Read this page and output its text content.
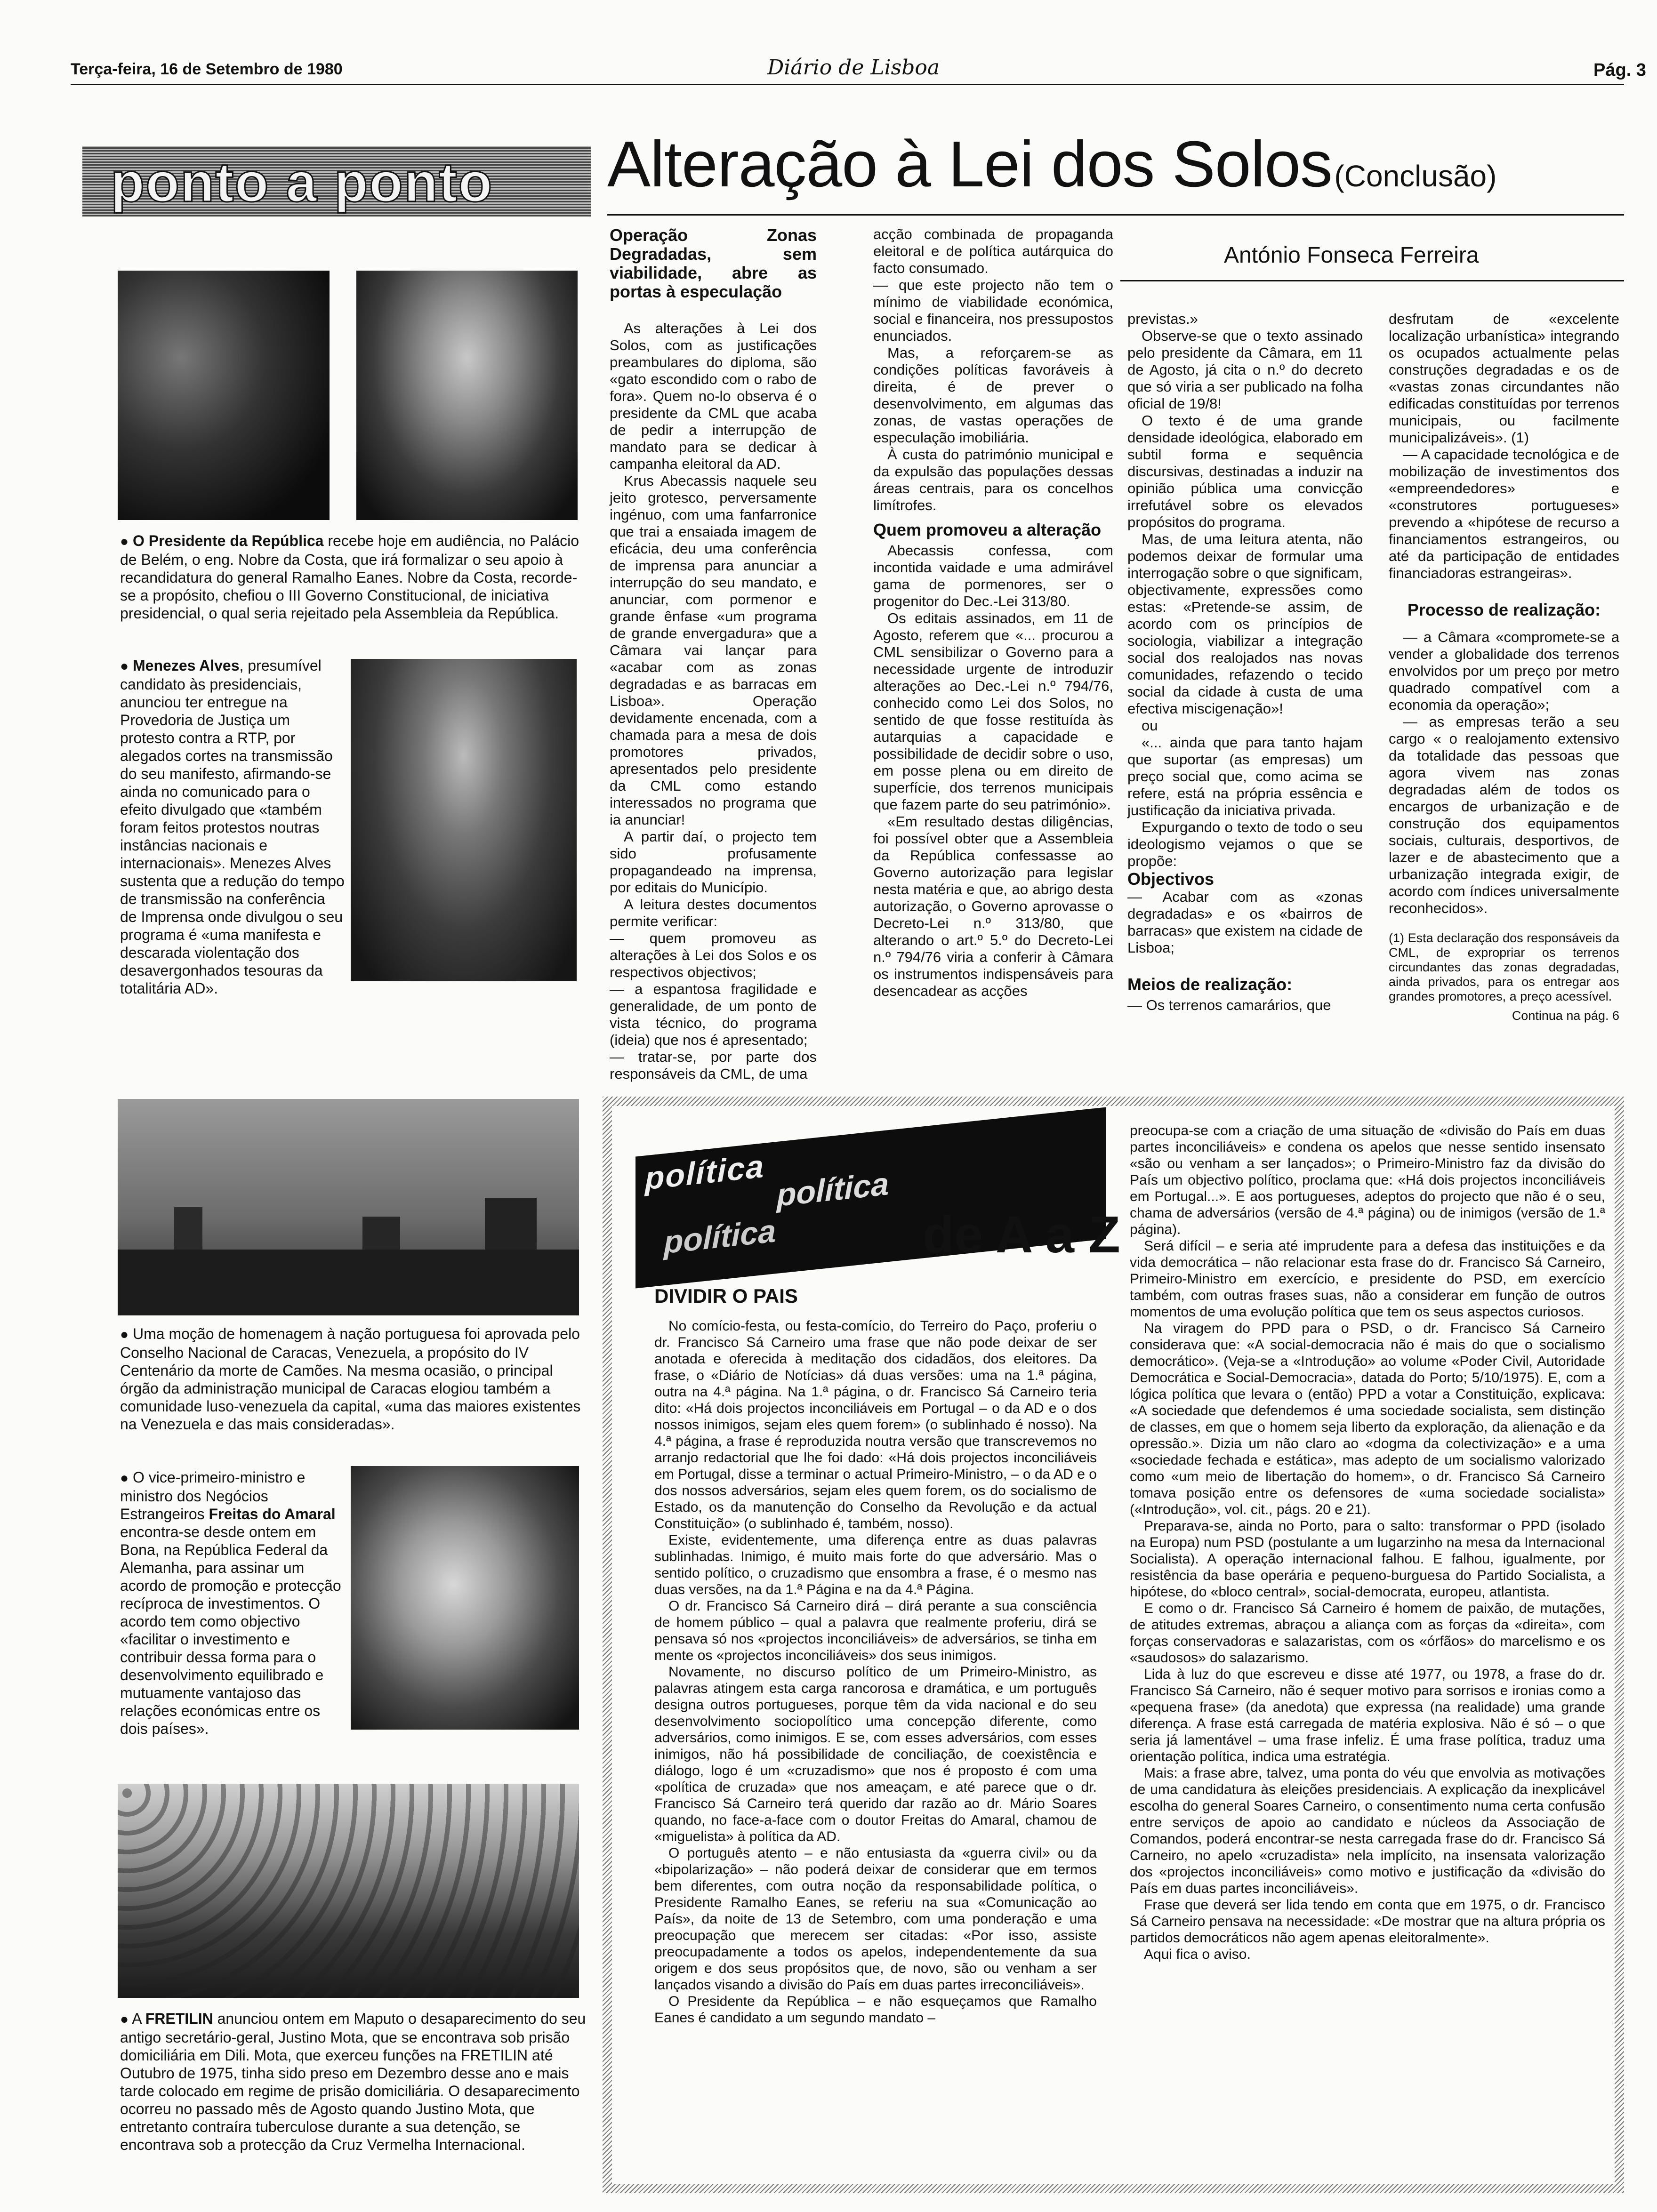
Terça-feira, 16 de Setembro de 1980	Diário de Lisboa	Pág. 3
ponto a ponto
● O Presidente da República recebe hoje em audiência, no Palácio de Belém, o eng. Nobre da Costa, que irá formalizar o seu apoio à recandidatura do general Ramalho Eanes. Nobre da Costa, recorde-se a propósito, chefiou o III Governo Constitucional, de iniciativa presidencial, o qual seria rejeitado pela Assembleia da República.
● Menezes Alves, presumível candidato às presidenciais, anunciou ter entregue na Provedoria de Justiça um protesto contra a RTP, por alegados cortes na transmissão do seu manifesto, afirmando-se ainda no comunicado para o efeito divulgado que «também foram feitos protestos noutras instâncias nacionais e internacionais». Menezes Alves sustenta que a redução do tempo de transmissão na conferência de Imprensa onde divulgou o seu programa é «uma manifesta e descarada violentação dos desavergonhados tesouras da totalitária AD».
● Uma moção de homenagem à nação portuguesa foi aprovada pelo Conselho Nacional de Caracas, Venezuela, a propósito do IV Centenário da morte de Camões. Na mesma ocasião, o principal órgão da administração municipal de Caracas elogiou também a comunidade luso-venezuela da capital, «uma das maiores existentes na Venezuela e das mais consideradas».
● O vice-primeiro-ministro e ministro dos Negócios Estrangeiros Freitas do Amaral encontra-se desde ontem em Bona, na República Federal da Alemanha, para assinar um acordo de promoção e protecção recíproca de investimentos. O acordo tem como objectivo «facilitar o investimento e contribuir dessa forma para o desenvolvimento equilibrado e mutuamente vantajoso das relações económicas entre os dois países».
● A FRETILIN anunciou ontem em Maputo o desaparecimento do seu antigo secretário-geral, Justino Mota, que se encontrava sob prisão domiciliária em Dili. Mota, que exerceu funções na FRETILIN até Outubro de 1975, tinha sido preso em Dezembro desse ano e mais tarde colocado em regime de prisão domiciliária. O desaparecimento ocorreu no passado mês de Agosto quando Justino Mota, que entretanto contraíra tuberculose durante a sua detenção, se encontrava sob a protecção da Cruz Vermelha Internacional.
Alteração à Lei dos Solos (Conclusão)
António Fonseca Ferreira
Operação Zonas Degradadas, sem viabilidade, abre as portas à especulação

As alterações à Lei dos Solos, com as justificações preambulares do diploma, são «gato escondido com o rabo de fora». Quem no-lo observa é o presidente da CML que acaba de pedir a interrupção de mandato para se dedicar à campanha eleitoral da AD.

Krus Abecassis naquele seu jeito grotesco, perversamente ingénuo, com uma fanfarronice que trai a ensaiada imagem de eficácia, deu uma conferência de imprensa para anunciar a interrupção do seu mandato, e anunciar, com pormenor e grande ênfase «um programa de grande envergadura» que a Câmara vai lançar para «acabar com as zonas degradadas e as barracas em Lisboa». Operação devidamente encenada, com a chamada para a mesa de dois promotores privados, apresentados pelo presidente da CML como estando interessados no programa que ia anunciar!

A partir daí, o projecto tem sido profusamente propagandeado na imprensa, por editais do Município.

A leitura destes documentos permite verificar:

— quem promoveu as alterações à Lei dos Solos e os respectivos objectivos;

— a espantosa fragilidade e generalidade, de um ponto de vista técnico, do programa (ideia) que nos é apresentado;

— tratar-se, por parte dos responsáveis da CML, de uma

acção combinada de propaganda eleitoral e de política autárquica do facto consumado.

— que este projecto não tem o mínimo de viabilidade económica, social e financeira, nos pressupostos enunciados.

Mas, a reforçarem-se as condições políticas favoráveis à direita, é de prever o desenvolvimento, em algumas das zonas, de vastas operações de especulação imobiliária.

À custa do património municipal e da expulsão das populações dessas áreas centrais, para os concelhos limítrofes.

Quem promoveu a alteração

Abecassis confessa, com incontida vaidade e uma admirável gama de pormenores, ser o progenitor do Dec.-Lei 313/80.

Os editais assinados, em 11 de Agosto, referem que «... procurou a CML sensibilizar o Governo para a necessidade urgente de introduzir alterações ao Dec.-Lei n.º 794/76, conhecido como Lei dos Solos, no sentido de que fosse restituída às autarquias a capacidade e possibilidade de decidir sobre o uso, em posse plena ou em direito de superfície, dos terrenos municipais que fazem parte do seu património».

«Em resultado destas diligências, foi possível obter que a Assembleia da República confessasse ao Governo autorização para legislar nesta matéria e que, ao abrigo desta autorização, o Governo aprovasse o Decreto-Lei n.º 313/80, que alterando o art.º 5.º do Decreto-Lei n.º 794/76 viria a conferir à Câmara os instrumentos indispensáveis para desencadear as acções

previstas.»

Observe-se que o texto assinado pelo presidente da Câmara, em 11 de Agosto, já cita o n.º do decreto que só viria a ser publicado na folha oficial de 19/8!

O texto é de uma grande densidade ideológica, elaborado em subtil forma e sequência discursivas, destinadas a induzir na opinião pública uma convicção irrefutável sobre os elevados propósitos do programa.

Mas, de uma leitura atenta, não podemos deixar de formular uma interrogação sobre o que significam, objectivamente, expressões como estas: «Pretende-se assim, de acordo com os princípios de sociologia, viabilizar a integração social dos realojados nas novas comunidades, refazendo o tecido social da cidade à custa de uma efectiva miscigenação»!

ou

«... ainda que para tanto hajam que suportar (as empresas) um preço social que, como acima se refere, está na própria essência e justificação da iniciativa privada.

Expurgando o texto de todo o seu ideologismo vejamos o que se propõe:

Objectivos

— Acabar com as «zonas degradadas» e os «bairros de barracas» que existem na cidade de Lisboa;

Meios de realização:

— Os terrenos camarários, que

desfrutam de «excelente localização urbanística» integrando os ocupados actualmente pelas construções degradadas e os de «vastas zonas circundantes não edificadas constituídas por terrenos municipais, ou facilmente municipalizáveis». (1)

— A capacidade tecnológica e de mobilização de investimentos dos «empreendedores» e «construtores portugueses» prevendo a «hipótese de recurso a financiamentos estrangeiros, ou até da participação de entidades financiadoras estrangeiras».

Processo de realização:

— a Câmara «compromete-se a vender a globalidade dos terrenos envolvidos por um preço por metro quadrado compatível com a economia da operação»;

— as empresas terão a seu cargo « o realojamento extensivo da totalidade das pessoas que agora vivem nas zonas degradadas além de todos os encargos de urbanização e de construção dos equipamentos sociais, culturais, desportivos, de lazer e de abastecimento que a urbanização integrada exigir, de acordo com índices universalmente reconhecidos».

(1) Esta declaração dos responsáveis da CML, de expropriar os terrenos circundantes das zonas degradadas, ainda privados, para os entregar aos grandes promotores, a preço acessível.
Continua na pág. 6
política política
política	de A a Z
DIVIDIR O PAIS

No comício-festa, ou festa-comício, do Terreiro do Paço, proferiu o dr. Francisco Sá Carneiro uma frase que não pode deixar de ser anotada e oferecida à meditação dos cidadãos, dos eleitores. Da frase, o «Diário de Notícias» dá duas versões: uma na 1.ª página, outra na 4.ª página. Na 1.ª página, o dr. Francisco Sá Carneiro teria dito: «Há dois projectos inconciliáveis em Portugal – o da AD e o dos nossos inimigos, sejam eles quem forem» (o sublinhado é nosso). Na 4.ª página, a frase é reproduzida noutra versão que transcrevemos no arranjo redactorial que lhe foi dado: «Há dois projectos inconciliáveis em Portugal, disse a terminar o actual Primeiro-Ministro, – o da AD e o dos nossos adversários, sejam eles quem forem, os do socialismo de Estado, os da manutenção do Conselho da Revolução e da actual Constituição» (o sublinhado é, também, nosso).

Existe, evidentemente, uma diferença entre as duas palavras sublinhadas. Inimigo, é muito mais forte do que adversário. Mas o sentido político, o cruzadismo que ensombra a frase, é o mesmo nas duas versões, na da 1.ª Página e na da 4.ª Página.

O dr. Francisco Sá Carneiro dirá – dirá perante a sua consciência de homem público – qual a palavra que realmente proferiu, dirá se pensava só nos «projectos inconciliáveis» de adversários, se tinha em mente os «projectos inconciliáveis» dos seus inimigos.

Novamente, no discurso político de um Primeiro-Ministro, as palavras atingem esta carga rancorosa e dramática, e um português designa outros portugueses, porque têm da vida nacional e do seu desenvolvimento sociopolítico uma concepção diferente, como adversários, como inimigos. E se, com esses adversários, com esses inimigos, não há possibilidade de conciliação, de coexistência e diálogo, logo é um «cruzadismo» que nos é proposto é com uma «política de cruzada» que nos ameaçam, e até parece que o dr. Francisco Sá Carneiro terá querido dar razão ao dr. Mário Soares quando, no face-a-face com o doutor Freitas do Amaral, chamou de «miguelista» à política da AD.

O português atento – e não entusiasta da «guerra civil» ou da «bipolarização» – não poderá deixar de considerar que em termos bem diferentes, com outra noção da responsabilidade política, o Presidente Ramalho Eanes, se referiu na sua «Comunicação ao País», da noite de 13 de Setembro, com uma ponderação e uma preocupação que merecem ser citadas: «Por isso, assiste preocupadamente a todos os apelos, independentemente da sua origem e dos seus propósitos que, de novo, são ou venham a ser lançados visando a divisão do País em duas partes irreconciliáveis».

O Presidente da República – e não esqueçamos que Ramalho Eanes é candidato a um segundo mandato –

preocupa-se com a criação de uma situação de «divisão do País em duas partes inconciliáveis» e condena os apelos que nesse sentido insensato «são ou venham a ser lançados»; o Primeiro-Ministro faz da divisão do País um objectivo político, proclama que: «Há dois projectos inconciliáveis em Portugal...». E aos portugueses, adeptos do projecto que não é o seu, chama de adversários (versão de 4.ª página) ou de inimigos (versão de 1.ª página).

Será difícil – e seria até imprudente para a defesa das instituições e da vida democrática – não relacionar esta frase do dr. Francisco Sá Carneiro, Primeiro-Ministro em exercício, e presidente do PSD, em exercício também, com outras frases suas, não a considerar em função de outros momentos de uma evolução política que tem os seus aspectos curiosos.

Na viragem do PPD para o PSD, o dr. Francisco Sá Carneiro considerava que: «A social-democracia não é mais do que o socialismo democrático». (Veja-se a «Introdução» ao volume «Poder Civil, Autoridade Democrática e Social-Democracia», datada do Porto; 5/10/1975). E, com a lógica política que levara o (então) PPD a votar a Constituição, explicava: «A sociedade que defendemos é uma sociedade socialista, sem distinção de classes, em que o homem seja liberto da exploração, da alienação e da opressão.». Dizia um não claro ao «dogma da colectivização» e a uma «sociedade fechada e estática», mas adepto de um socialismo valorizado como «um meio de libertação do homem», o dr. Francisco Sá Carneiro tomava posição entre os defensores de «uma sociedade socialista» («Introdução», vol. cit., págs. 20 e 21).

Preparava-se, ainda no Porto, para o salto: transformar o PPD (isolado na Europa) num PSD (postulante a um lugarzinho na mesa da Internacional Socialista). A operação internacional falhou. E falhou, igualmente, por resistência da base operária e pequeno-burguesa do Partido Socialista, a hipótese, do «bloco central», social-democrata, europeu, atlantista.

E como o dr. Francisco Sá Carneiro é homem de paixão, de mutações, de atitudes extremas, abraçou a aliança com as forças da «direita», com forças conservadoras e salazaristas, com os «órfãos» do marcelismo e os «saudosos» do salazarismo.

Lida à luz do que escreveu e disse até 1977, ou 1978, a frase do dr. Francisco Sá Carneiro, não é sequer motivo para sorrisos e ironias como a «pequena frase» (da anedota) que expressa (na realidade) uma grande diferença. A frase está carregada de matéria explosiva. Não é só – o que seria já lamentável – uma frase infeliz. É uma frase política, traduz uma orientação política, indica uma estratégia.

Mais: a frase abre, talvez, uma ponta do véu que envolvia as motivações de uma candidatura às eleições presidenciais. A explicação da inexplicável escolha do general Soares Carneiro, o consentimento numa certa confusão entre serviços de apoio ao candidato e núcleos da Associação de Comandos, poderá encontrar-se nesta carregada frase do dr. Francisco Sá Carneiro, no apelo «cruzadista» nela implícito, na insensata valorização dos «projectos inconciliáveis» como motivo e justificação da «divisão do País em duas partes inconciliáveis».

Frase que deverá ser lida tendo em conta que em 1975, o dr. Francisco Sá Carneiro pensava na necessidade: «De mostrar que na altura própria os partidos democráticos não agem apenas eleitoralmente».

Aqui fica o aviso.
